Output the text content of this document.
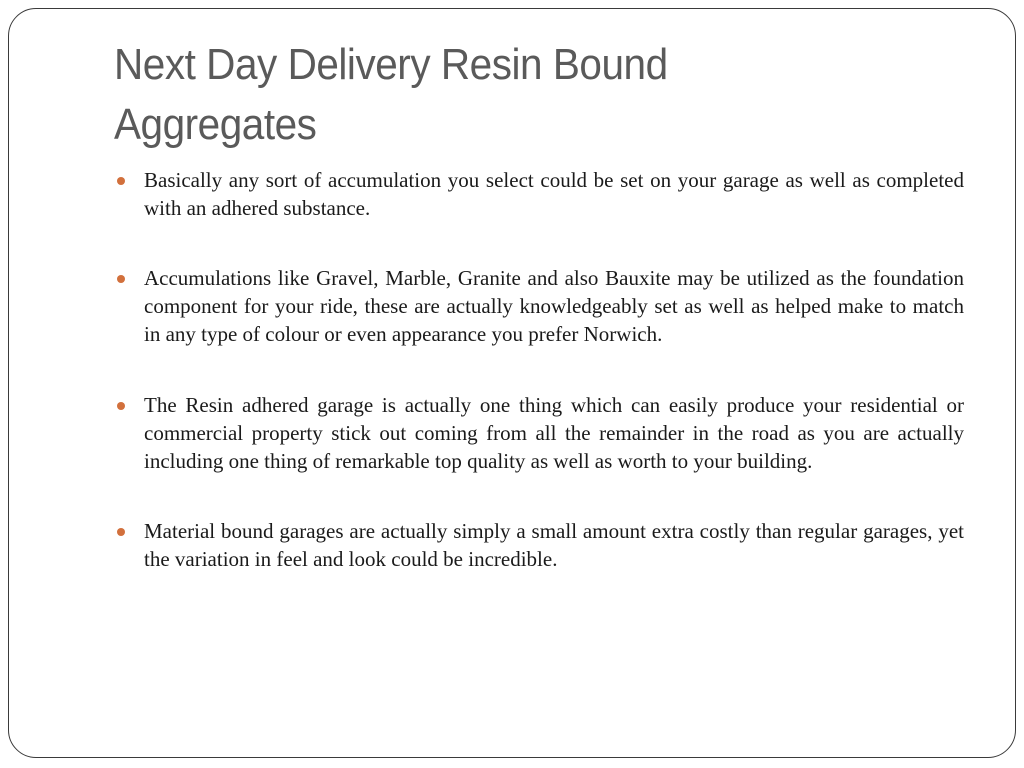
Next Day Delivery Resin Bound Aggregates
Basically any sort of accumulation you select could be set on your garage as well as completed with an adhered substance.
Accumulations like Gravel, Marble, Granite and also Bauxite may be utilized as the foundation component for your ride, these are actually knowledgeably set as well as helped make to match in any type of colour or even appearance you prefer Norwich.
The Resin adhered garage is actually one thing which can easily produce your residential or commercial property stick out coming from all the remainder in the road as you are actually including one thing of remarkable top quality as well as worth to your building.
Material bound garages are actually simply a small amount extra costly than regular garages, yet the variation in feel and look could be incredible.
